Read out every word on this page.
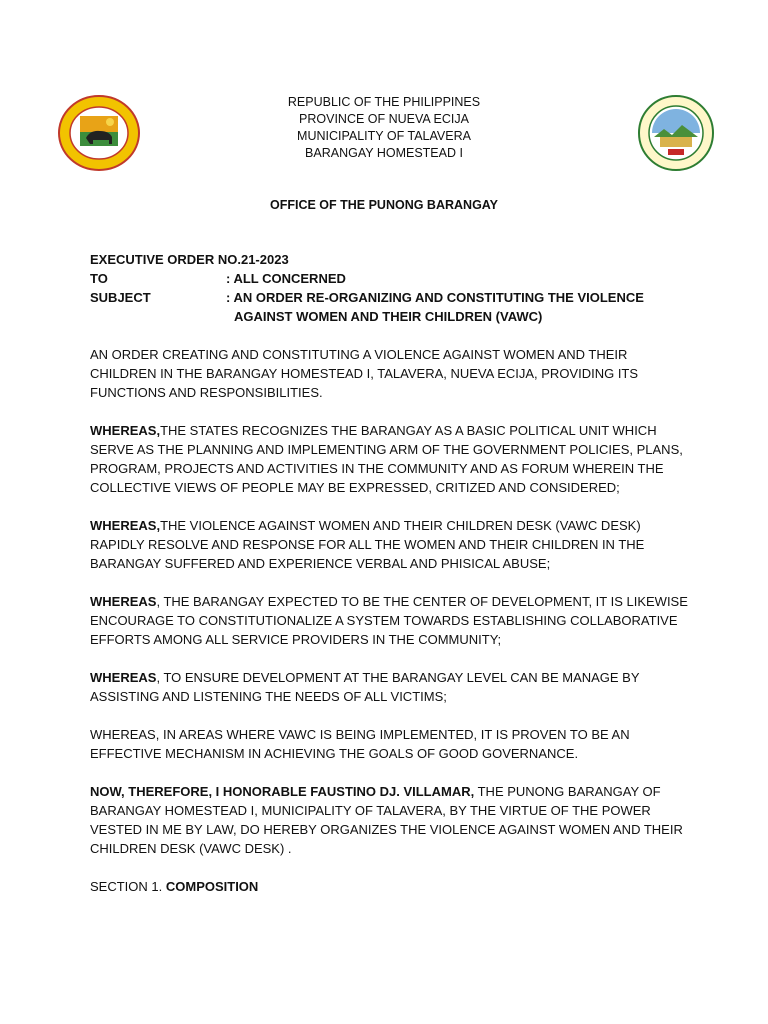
REPUBLIC OF THE PHILIPPINES
PROVINCE OF NUEVA ECIJA
MUNICIPALITY OF TALAVERA
BARANGAY HOMESTEAD I
OFFICE OF THE PUNONG BARANGAY
EXECUTIVE ORDER NO.21-2023
TO	: ALL CONCERNED
SUBJECT	: AN ORDER RE-ORGANIZING AND CONSTITUTING THE VIOLENCE
AGAINST WOMEN AND THEIR CHILDREN (VAWC)

AN ORDER CREATING AND CONSTITUTING A VIOLENCE AGAINST WOMEN AND THEIR CHILDREN IN THE BARANGAY HOMESTEAD I, TALAVERA, NUEVA ECIJA, PROVIDING ITS FUNCTIONS AND RESPONSIBILITIES.

WHEREAS,THE STATES RECOGNIZES THE BARANGAY AS A BASIC POLITICAL UNIT WHICH SERVE AS THE PLANNING AND IMPLEMENTING ARM OF THE GOVERNMENT POLICIES, PLANS, PROGRAM, PROJECTS AND ACTIVITIES IN THE COMMUNITY AND AS FORUM WHEREIN THE COLLECTIVE VIEWS OF PEOPLE MAY BE EXPRESSED, CRITIZED AND CONSIDERED;

WHEREAS,THE VIOLENCE AGAINST WOMEN AND THEIR CHILDREN DESK (VAWC DESK) RAPIDLY RESOLVE AND RESPONSE FOR ALL THE WOMEN AND THEIR CHILDREN IN THE BARANGAY SUFFERED AND EXPERIENCE VERBAL AND PHISICAL ABUSE;

WHEREAS, THE BARANGAY EXPECTED TO BE THE CENTER OF DEVELOPMENT, IT IS LIKEWISE ENCOURAGE TO CONSTITUTIONALIZE A SYSTEM TOWARDS ESTABLISHING COLLABORATIVE EFFORTS AMONG ALL SERVICE PROVIDERS IN THE COMMUNITY;

WHEREAS, TO ENSURE DEVELOPMENT AT THE BARANGAY LEVEL CAN BE MANAGE BY ASSISTING AND LISTENING THE NEEDS OF ALL VICTIMS;

WHEREAS, IN AREAS WHERE VAWC IS BEING IMPLEMENTED, IT IS PROVEN TO BE AN EFFECTIVE MECHANISM IN ACHIEVING THE GOALS OF GOOD GOVERNANCE.

NOW, THEREFORE, I HONORABLE FAUSTINO DJ. VILLAMAR, THE PUNONG BARANGAY OF BARANGAY HOMESTEAD I, MUNICIPALITY OF TALAVERA, BY THE VIRTUE OF THE POWER VESTED IN ME BY LAW, DO HEREBY ORGANIZES THE VIOLENCE AGAINST WOMEN AND THEIR CHILDREN DESK (VAWC DESK) .

SECTION 1. COMPOSITION
